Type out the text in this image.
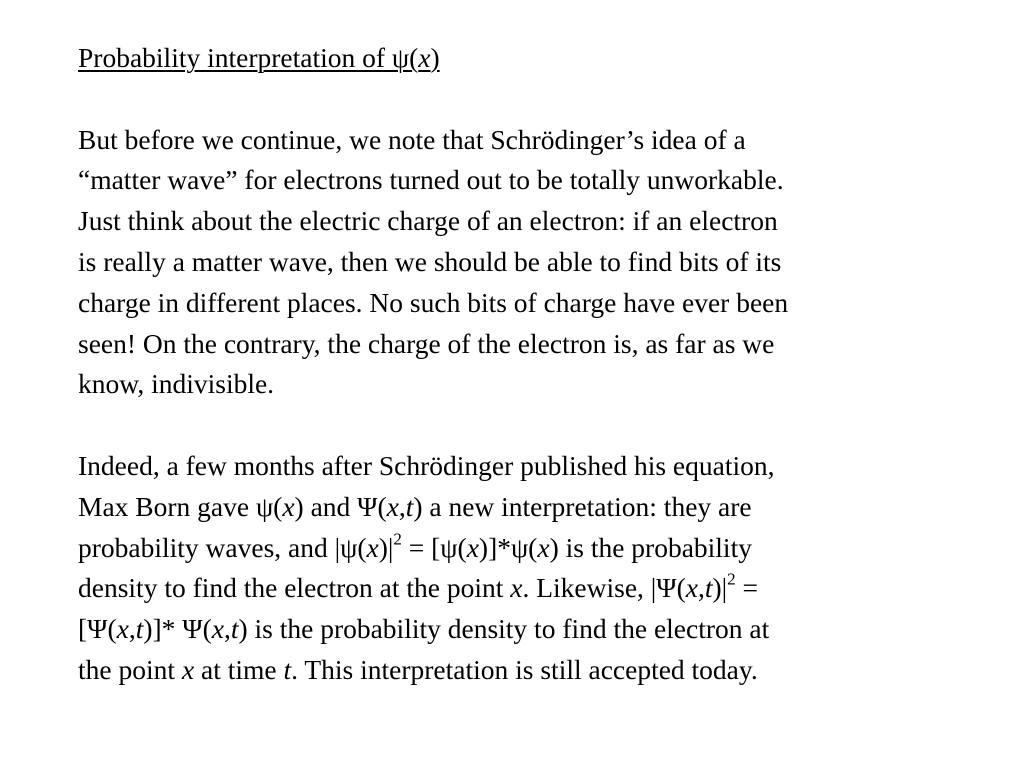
Probability interpretation of ψ(x)

But before we continue, we note that Schrödinger’s idea of a
“matter wave” for electrons turned out to be totally unworkable.
Just think about the electric charge of an electron: if an electron
is really a matter wave, then we should be able to find bits of its
charge in different places. No such bits of charge have ever been
seen! On the contrary, the charge of the electron is, as far as we
know, indivisible.

Indeed, a few months after Schrödinger published his equation,
Max Born gave ψ(x) and Ψ(x,t) a new interpretation: they are
probability waves, and $|\psi(x)|^2 = [\psi(x)]*\psi(x)$ is the probability
density to find the electron at the point x. Likewise, $|\Psi(x,t)|^2$ =
[Ψ(x,t)]* Ψ(x,t) is the probability density to find the electron at
the point x at time t. This interpretation is still accepted today.
